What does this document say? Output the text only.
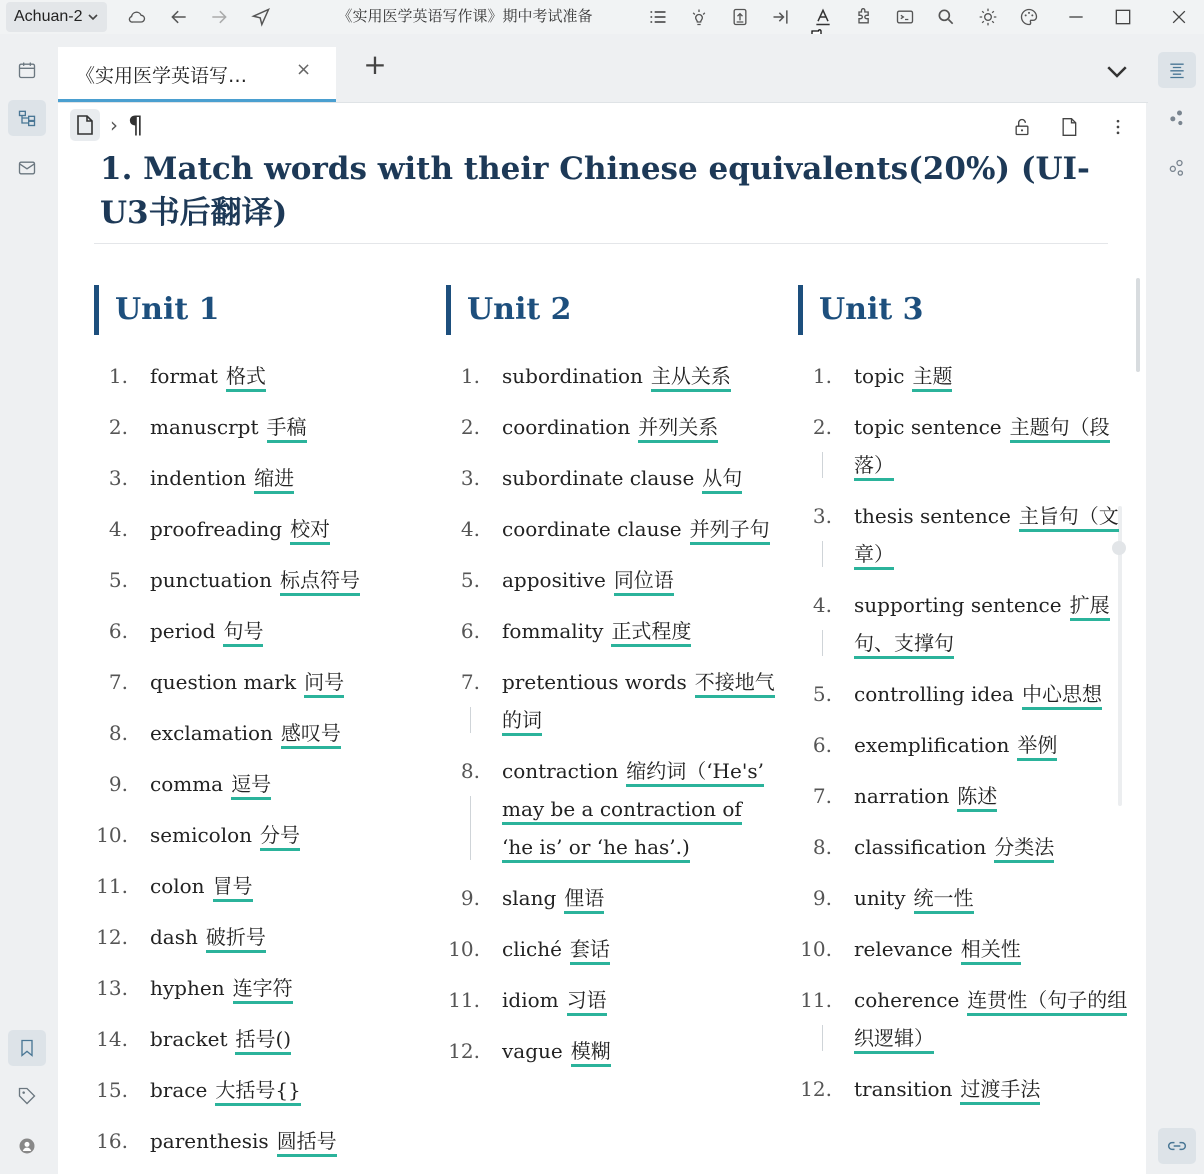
Achuan-2	《实用医学英语写作课》期中考试准备
《实用医学英语写…	× +
› ¶
1. Match words with their Chinese equivalents(20%) (UI-U3书后翻译)
Unit 1
1. format 格式
2. manuscrpt 手稿
3. indention 缩进
4. proofreading 校对
5. punctuation 标点符号
6. period 句号
7. question mark 问号
8. exclamation 感叹号
9. comma 逗号
10. semicolon 分号
11. colon 冒号
12. dash 破折号
13. hyphen 连字符
14. bracket 括号()
15. brace 大括号{}
16. parenthesis 圆括号
Unit 2
1. subordination 主从关系
2. coordination 并列关系
3. subordinate clause 从句
4. coordinate clause 并列子句
5. appositive 同位语
6. fommality 正式程度
7. pretentious words 不接地气的词
8. contraction 缩约词（‘He's’ may be a contraction of ‘he is’ or ‘he has’.)
9. slang 俚语
10. cliché 套话
11. idiom 习语
12. vague 模糊
Unit 3
1. topic 主题
2. topic sentence 主题句（段落）
3. thesis sentence 主旨句（文章）
4. supporting sentence 扩展句、支撑句
5. controlling idea 中心思想
6. exemplification 举例
7. narration 陈述
8. classification 分类法
9. unity 统一性
10. relevance 相关性
11. coherence 连贯性（句子的组织逻辑）
12. transition 过渡手法
